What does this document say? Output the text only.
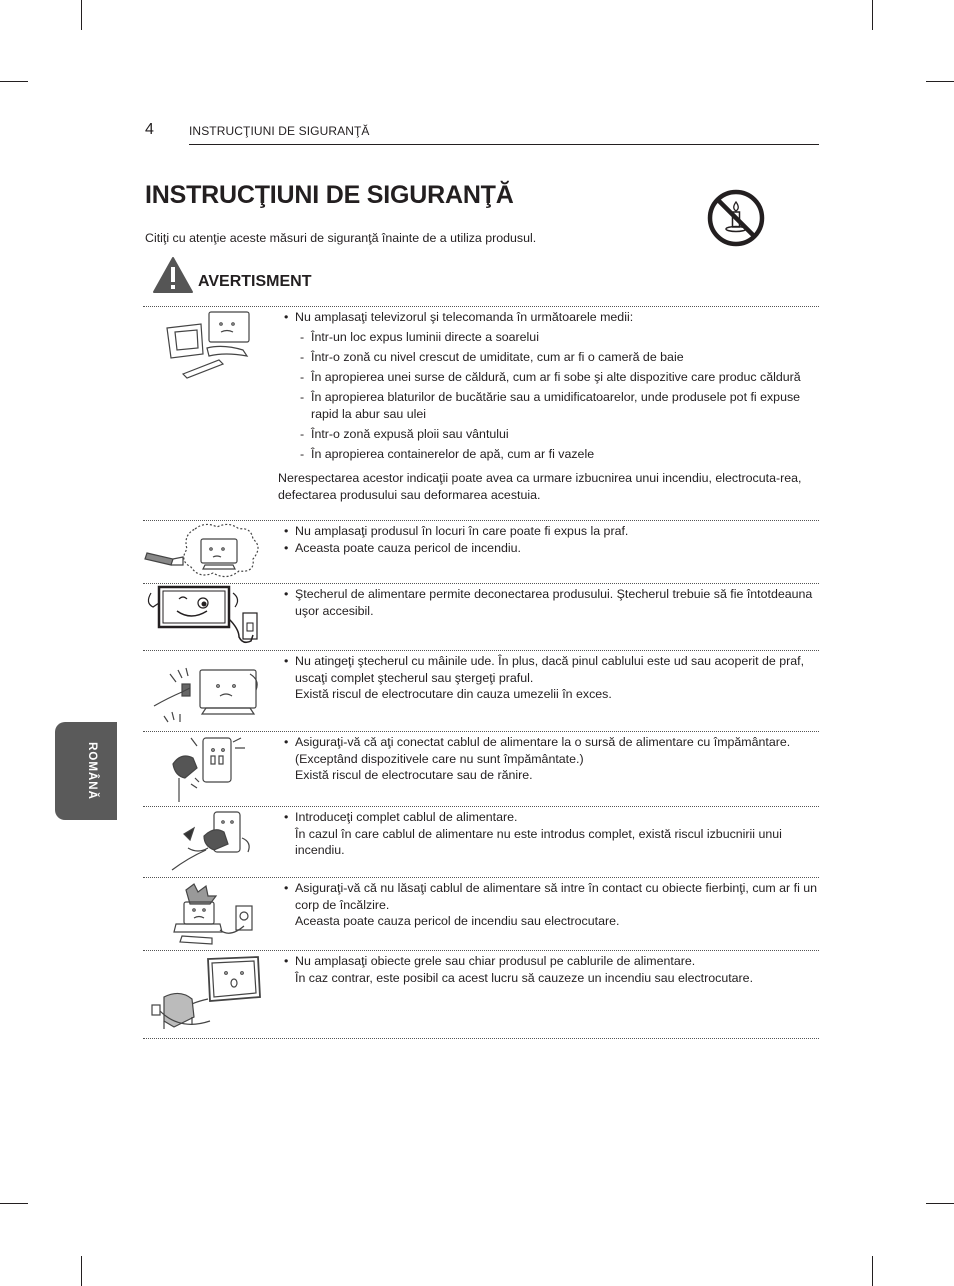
4	INSTRUCŢIUNI DE SIGURANŢĂ
INSTRUCŢIUNI DE SIGURANŢĂ
Citiţi cu atenţie aceste măsuri de siguranţă înainte de a utiliza produsul.
AVERTISMENT
• Nu amplasaţi televizorul şi telecomanda în următoarele medii:
- Într-un loc expus luminii directe a soarelui
- Într-o zonă cu nivel crescut de umiditate, cum ar fi o cameră de baie
- În apropierea unei surse de căldură, cum ar fi sobe şi alte dispozitive care produc căldură
- În apropierea blaturilor de bucătărie sau a umidificatoarelor, unde produsele pot fi expuse rapid la abur sau ulei
- Într-o zonă expusă ploii sau vântului
- În apropierea containerelor de apă, cum ar fi vazele
Nerespectarea acestor indicaţii poate avea ca urmare izbucnirea unui incendiu, electrocuta-rea, defectarea produsului sau deformarea acestuia.
• Nu amplasaţi produsul în locuri în care poate fi expus la praf.
• Aceasta poate cauza pericol de incendiu.
• Ştecherul de alimentare permite deconectarea produsului. Ştecherul trebuie să fie întotdeauna uşor accesibil.
• Nu atingeţi ştecherul cu mâinile ude. În plus, dacă pinul cablului este ud sau acoperit de praf, uscaţi complet ştecherul sau ştergeţi praful.
Există riscul de electrocutare din cauza umezelii în exces.
• Asiguraţi-vă că aţi conectat cablul de alimentare la o sursă de alimentare cu împământare. (Exceptând dispozitivele care nu sunt împământate.)
Există riscul de electrocutare sau de rănire.
• Introduceţi complet cablul de alimentare.
În cazul în care cablul de alimentare nu este introdus complet, există riscul izbucnirii unui incendiu.
• Asiguraţi-vă că nu lăsaţi cablul de alimentare să intre în contact cu obiecte fierbinţi, cum ar fi un corp de încălzire.
Aceasta poate cauza pericol de incendiu sau electrocutare.
• Nu amplasaţi obiecte grele sau chiar produsul pe cablurile de alimentare.
În caz contrar, este posibil ca acest lucru să cauzeze un incendiu sau electrocutare.
ROMÂNĂ
